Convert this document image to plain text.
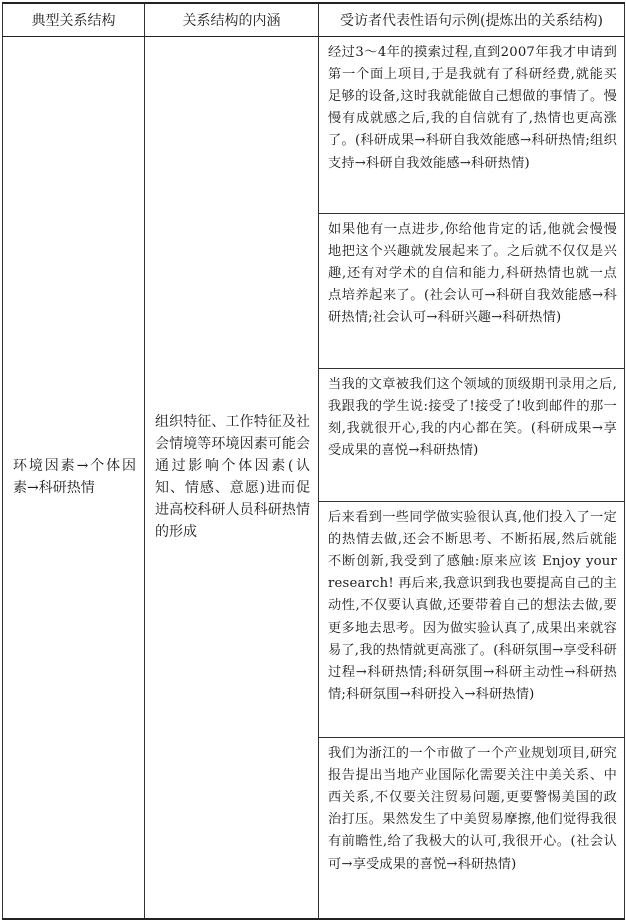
典型关系结构	关系结构的内涵	受访者代表性语句示例(提炼出的关系结构)
环境因素→个体因素→科研热情	组织特征、工作特征及社会情境等环境因素可能会通过影响个体因素(认知、情感、意愿)进而促进高校科研人员科研热情的形成	经过3～4年的摸索过程,直到2007年我才申请到第一个面上项目,于是我就有了科研经费,就能买足够的设备,这时我就能做自己想做的事情了。慢慢有成就感之后,我的自信就有了,热情也更高涨了。(科研成果→科研自我效能感→科研热情;组织支持→科研自我效能感→科研热情)
		如果他有一点进步,你给他肯定的话,他就会慢慢地把这个兴趣就发展起来了。之后就不仅仅是兴趣,还有对学术的自信和能力,科研热情也就一点点培养起来了。(社会认可→科研自我效能感→科研热情;社会认可→科研兴趣→科研热情)
		当我的文章被我们这个领域的顶级期刊录用之后,我跟我的学生说:接受了!接受了!收到邮件的那一刻,我就很开心,我的内心都在笑。(科研成果→享受成果的喜悦→科研热情)
		后来看到一些同学做实验很认真,他们投入了一定的热情去做,还会不断思考、不断拓展,然后就能不断创新,我受到了感触:原来应该 Enjoy your research! 再后来,我意识到我也要提高自己的主动性,不仅要认真做,还要带着自己的想法去做,要更多地去思考。因为做实验认真了,成果出来就容易了,我的热情就更高涨了。(科研氛围→享受科研过程→科研热情;科研氛围→科研主动性→科研热情;科研氛围→科研投入→科研热情)
		我们为浙江的一个市做了一个产业规划项目,研究报告提出当地产业国际化需要关注中美关系、中西关系,不仅要关注贸易问题,更要警惕美国的政治打压。果然发生了中美贸易摩擦,他们觉得我很有前瞻性,给了我极大的认可,我很开心。(社会认可→享受成果的喜悦→科研热情)
